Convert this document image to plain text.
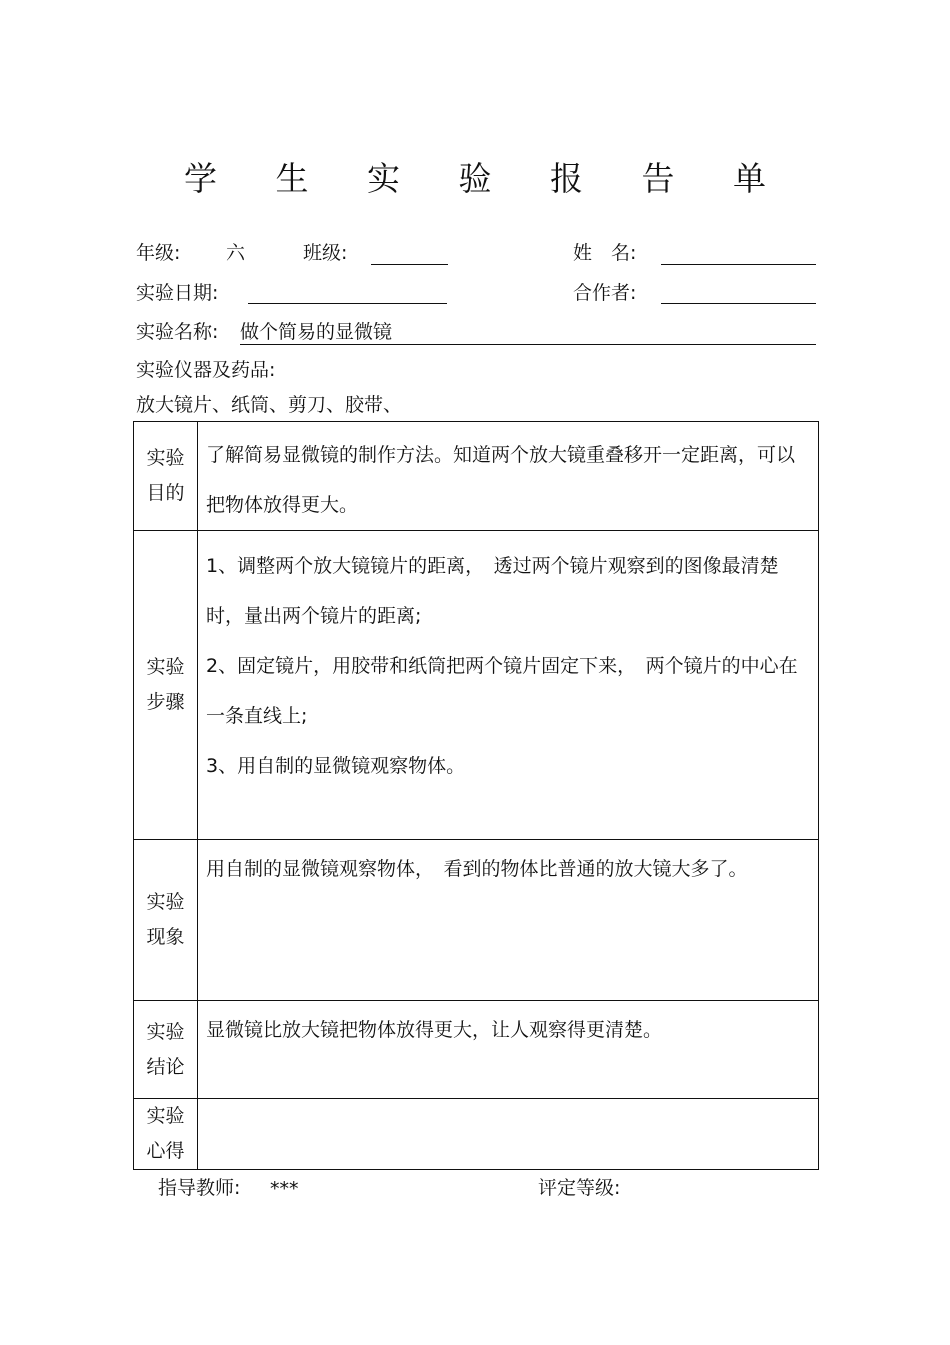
学 生 实 验 报 告 单
年级: 六	班级:	姓　名:
实验日期:	合作者:
实验名称: 做个简易的显微镜
实验仪器及药品:
放大镜片、纸筒、剪刀、胶带、
实验目的	了解简易显微镜的制作方法。知道两个放大镜重叠移开一定距离，可以把物体放得更大。

实验步骤	1、调整两个放大镜镜片的距离，　透过两个镜片观察到的图像最清楚时，量出两个镜片的距离;
2、固定镜片，用胶带和纸筒把两个镜片固定下来，　两个镜片的中心在一条直线上;
3、用自制的显微镜观察物体。

实验现象	用自制的显微镜观察物体，　看到的物体比普通的放大镜大多了。

实验结论	显微镜比放大镜把物体放得更大，让人观察得更清楚。

实验心得	

指导教师: ***	评定等级:
